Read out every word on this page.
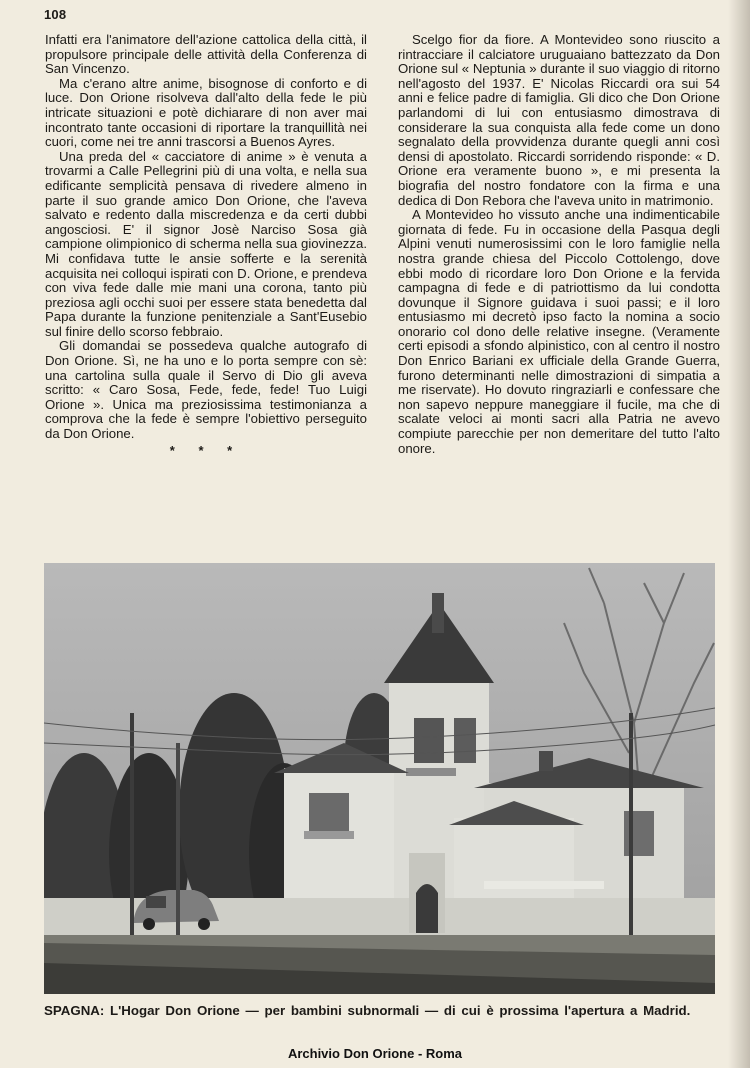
108

Infatti era l'animatore dell'azione cattolica della città, il propulsore principale delle attività della Conferenza di San Vincenzo.

Ma c'erano altre anime, bisognose di conforto e di luce. Don Orione risolveva dall'alto della fede le più intricate situazioni e potè dichiarare di non aver mai incontrato tante occasioni di riportare la tranquillità nei cuori, come nei tre anni trascorsi a Buenos Ayres.

Una preda del « cacciatore di anime » è venuta a trovarmi a Calle Pellegrini più di una volta, e nella sua edificante semplicità pensava di rivedere almeno in parte il suo grande amico Don Orione, che l'aveva salvato e redento dalla miscredenza e da certi dubbi angosciosi. E' il signor Josè Narciso Sosa già campione olimpionico di scherma nella sua giovinezza. Mi confidava tutte le ansie sofferte e la serenità acquisita nei colloqui ispirati con D. Orione, e prendeva con viva fede dalle mie mani una corona, tanto più preziosa agli occhi suoi per essere stata benedetta dal Papa durante la funzione penitenziale a Sant'Eusebio sul finire dello scorso febbraio.

Gli domandai se possedeva qualche autografo di Don Orione. Sì, ne ha uno e lo porta sempre con sè: una cartolina sulla quale il Servo di Dio gli aveva scritto: « Caro Sosa, Fede, fede, fede! Tuo Luigi Orione ». Unica ma preziosissima testimonianza a comprova che la fede è sempre l'obiettivo perseguito da Don Orione.

* * *

Scelgo fior da fiore. A Montevideo sono riuscito a rintracciare il calciatore uruguaiano battezzato da Don Orione sul « Neptunia » durante il suo viaggio di ritorno nell'agosto del 1937. E' Nicolas Riccardi ora sui 54 anni e felice padre di famiglia. Gli dico che Don Orione parlandomi di lui con entusiasmo dimostrava di considerare la sua conquista alla fede come un dono segnalato della provvidenza durante quegli anni così densi di apostolato. Riccardi sorridendo risponde: « D. Orione era veramente buono », e mi presenta la biografia del nostro fondatore con la firma e una dedica di Don Rebora che l'aveva unito in matrimonio.

A Montevideo ho vissuto anche una indimenticabile giornata di fede. Fu in occasione della Pasqua degli Alpini venuti numerosissimi con le loro famiglie nella nostra grande chiesa del Piccolo Cottolengo, dove ebbi modo di ricordare loro Don Orione e la fervida campagna di fede e di patriottismo da lui condotta dovunque il Signore guidava i suoi passi; e il loro entusiasmo mi decretò ipso facto la nomina a socio onorario col dono delle relative insegne. (Veramente certi episodi a sfondo alpinistico, con al centro il nostro Don Enrico Bariani ex ufficiale della Grande Guerra, furono determinanti nelle dimostrazioni di simpatia a me riservate). Ho dovuto ringraziarli e confessare che non sapevo neppure maneggiare il fucile, ma che di scalate veloci ai monti sacri alla Patria ne avevo compiute parecchie per non demeritare del tutto l'alto onore.

SPAGNA: L'Hogar Don Orione — per bambini subnormali — di cui è prossima l'apertura a Madrid.
Archivio Don Orione - Roma
